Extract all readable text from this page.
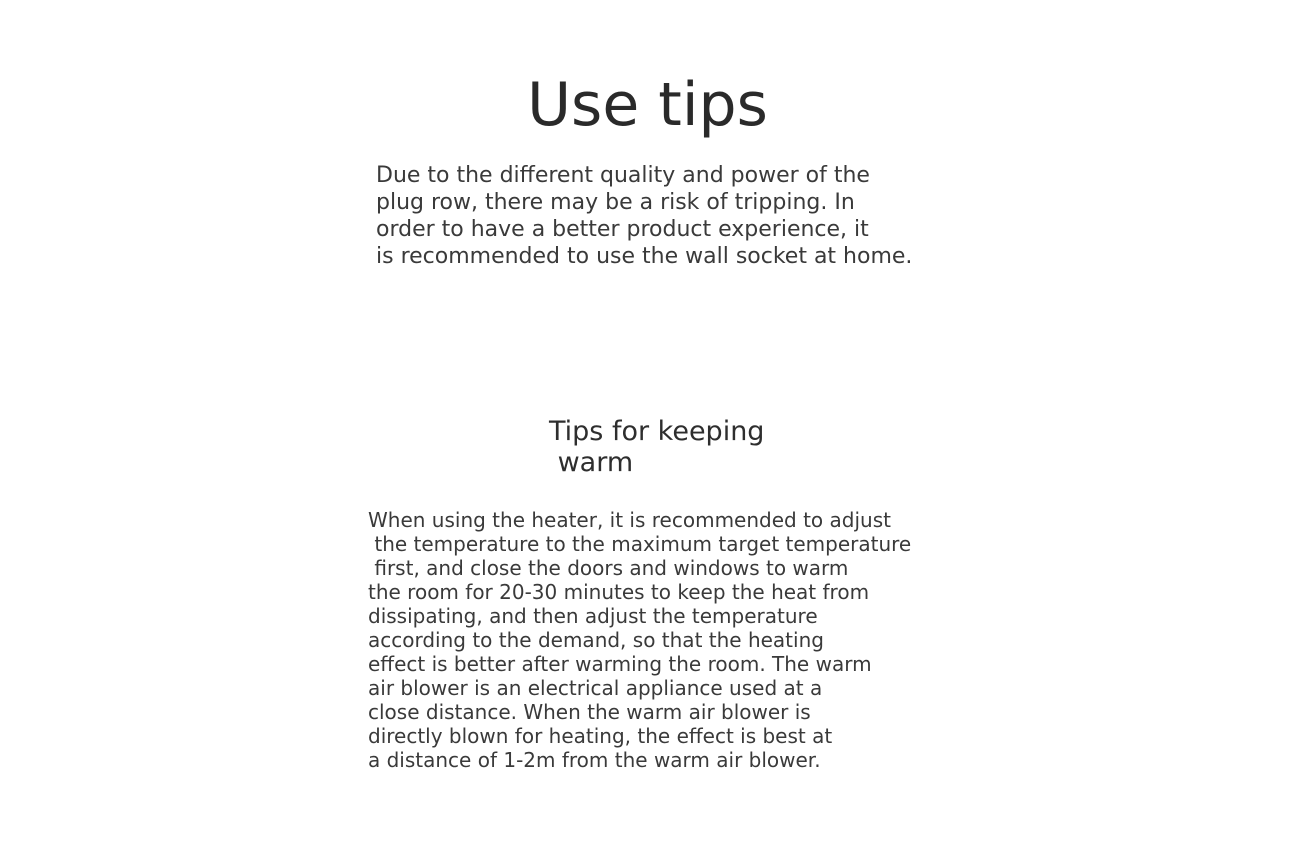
Use tips

Due to the different quality and power of the
plug row, there may be a risk of tripping. In
order to have a better product experience, it
is recommended to use the wall socket at home.

Tips for keeping
warm

When using the heater, it is recommended to adjust
the temperature to the maximum target temperature
first, and close the doors and windows to warm
the room for 20-30 minutes to keep the heat from
dissipating, and then adjust the temperature
according to the demand, so that the heating
effect is better after warming the room. The warm
air blower is an electrical appliance used at a
close distance. When the warm air blower is
directly blown for heating, the effect is best at
a distance of 1-2m from the warm air blower.
